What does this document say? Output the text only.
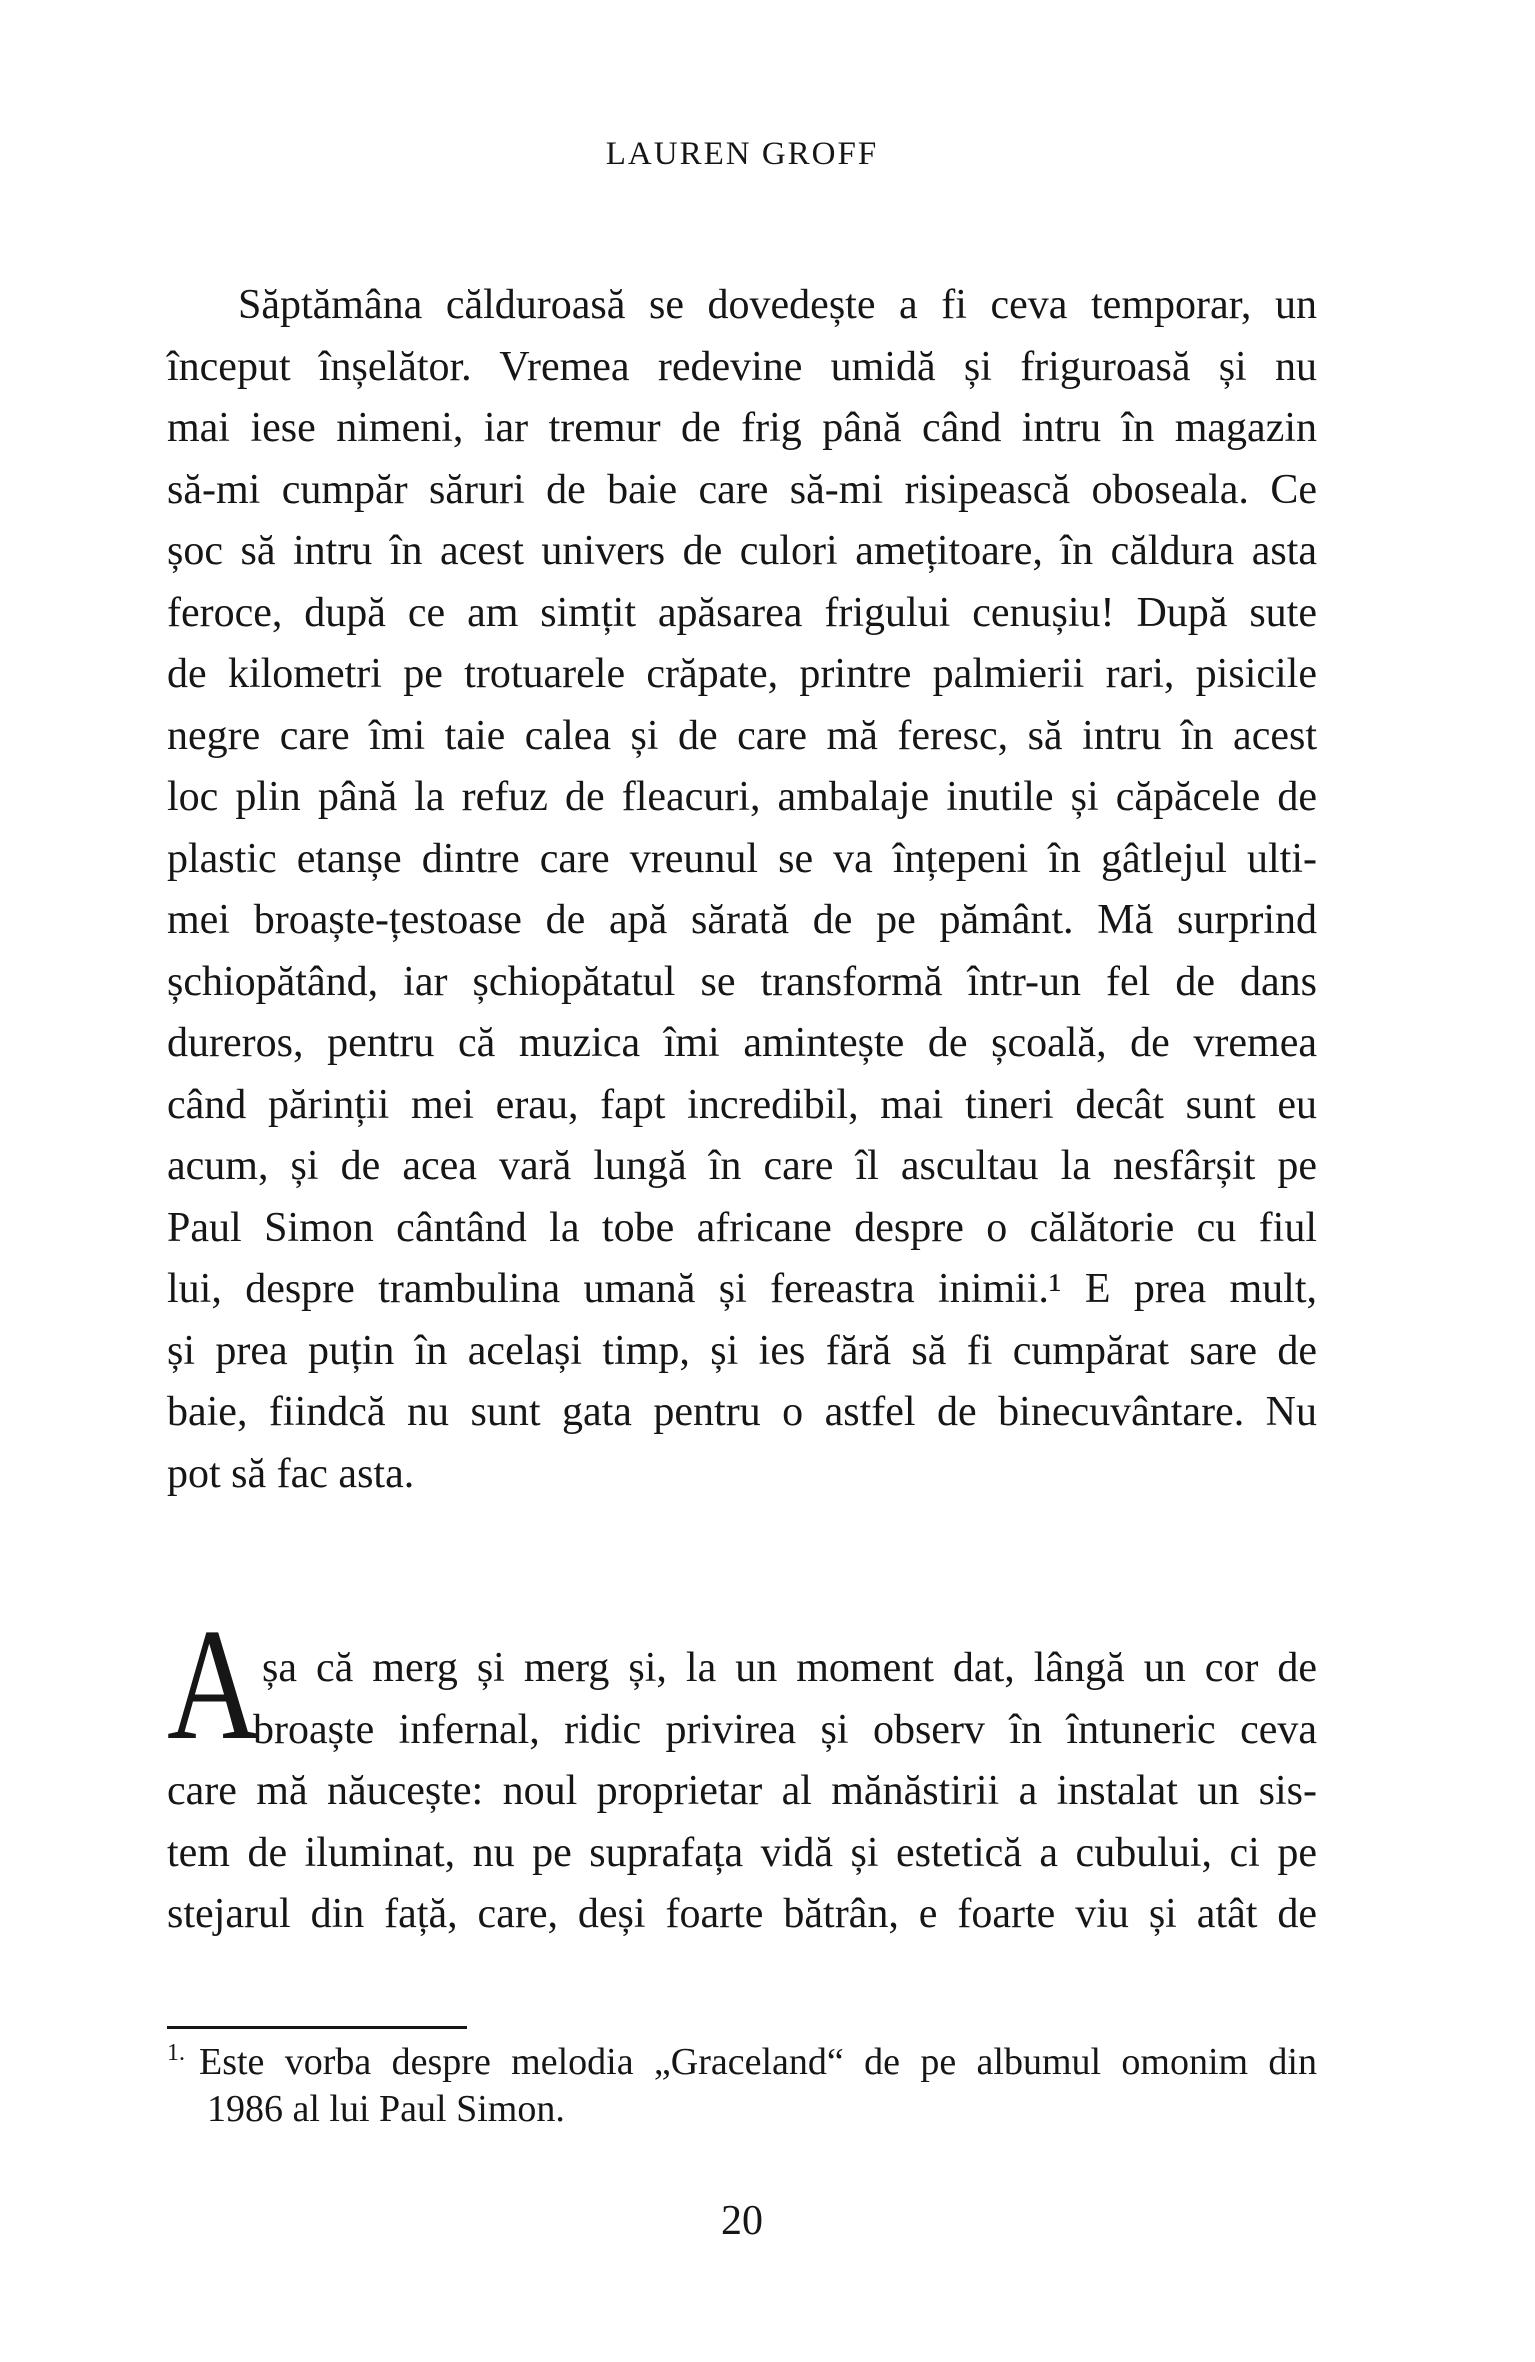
LAUREN GROFF
Săptămâna călduroasă se dovedește a fi ceva temporar, un
început înșelător. Vremea redevine umidă și friguroasă și nu
mai iese nimeni, iar tremur de frig până când intru în magazin
să-mi cumpăr săruri de baie care să-mi risipească oboseala. Ce
șoc să intru în acest univers de culori amețitoare, în căldura asta
feroce, după ce am simțit apăsarea frigului cenușiu! După sute
de kilometri pe trotuarele crăpate, printre palmierii rari, pisicile
negre care îmi taie calea și de care mă feresc, să intru în acest
loc plin până la refuz de fleacuri, ambalaje inutile și căpăcele de
plastic etanșe dintre care vreunul se va înțepeni în gâtlejul ulti-
mei broaște-țestoase de apă sărată de pe pământ. Mă surprind
șchiopătând, iar șchiopătatul se transformă într-un fel de dans
dureros, pentru că muzica îmi amintește de școală, de vremea
când părinții mei erau, fapt incredibil, mai tineri decât sunt eu
acum, și de acea vară lungă în care îl ascultau la nesfârșit pe
Paul Simon cântând la tobe africane despre o călătorie cu fiul
lui, despre trambulina umană și fereastra inimii.¹ E prea mult,
și prea puțin în același timp, și ies fără să fi cumpărat sare de
baie, fiindcă nu sunt gata pentru o astfel de binecuvântare. Nu
pot să fac asta.
A șa că merg și merg și, la un moment dat, lângă un cor de
broaște infernal, ridic privirea și observ în întuneric ceva
care mă năucește: noul proprietar al mănăstirii a instalat un sis-
tem de iluminat, nu pe suprafața vidă și estetică a cubului, ci pe
stejarul din față, care, deși foarte bătrân, e foarte viu și atât de
$^{1.}$ Este vorba despre melodia „Graceland“ de pe albumul omonim din
1986 al lui Paul Simon.
20
